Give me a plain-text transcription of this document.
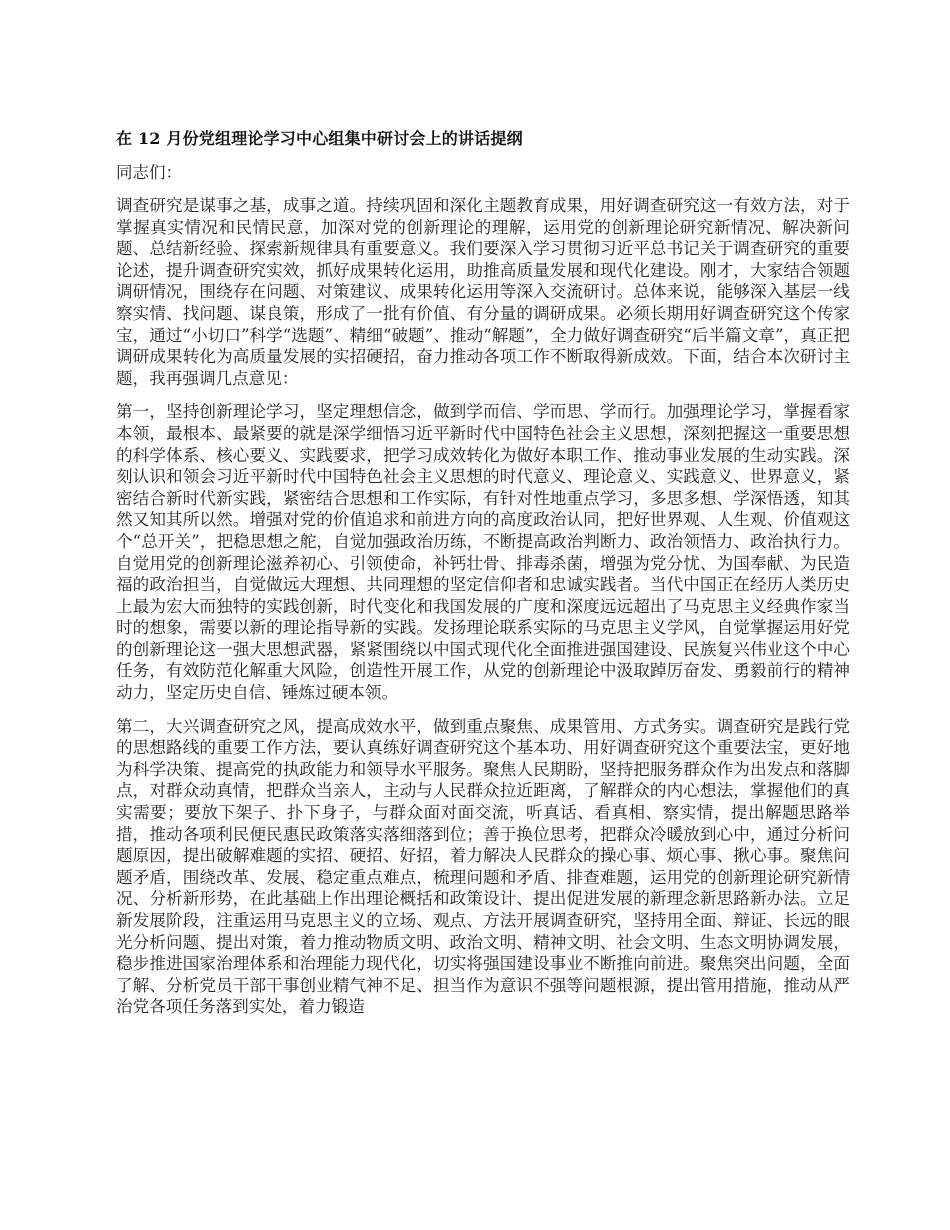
在 12 月份党组理论学习中心组集中研讨会上的讲话提纲

同志们：

调查研究是谋事之基，成事之道。持续巩固和深化主题教育成果，用好调查研究这一有效方法，对于掌握真实情况和民情民意，加深对党的创新理论的理解，运用党的创新理论研究新情况、解决新问题、总结新经验、探索新规律具有重要意义。我们要深入学习贯彻习近平总书记关于调查研究的重要论述，提升调查研究实效，抓好成果转化运用，助推高质量发展和现代化建设。刚才，大家结合领题调研情况，围绕存在问题、对策建议、成果转化运用等深入交流研讨。总体来说，能够深入基层一线察实情、找问题、谋良策，形成了一批有价值、有分量的调研成果。必须长期用好调查研究这个传家宝，通过“小切口”科学“选题”、精细“破题”、推动“解题”，全力做好调查研究“后半篇文章”，真正把调研成果转化为高质量发展的实招硬招，奋力推动各项工作不断取得新成效。下面，结合本次研讨主题，我再强调几点意见：

第一，坚持创新理论学习，坚定理想信念，做到学而信、学而思、学而行。加强理论学习，掌握看家本领，最根本、最紧要的就是深学细悟习近平新时代中国特色社会主义思想，深刻把握这一重要思想的科学体系、核心要义、实践要求，把学习成效转化为做好本职工作、推动事业发展的生动实践。深刻认识和领会习近平新时代中国特色社会主义思想的时代意义、理论意义、实践意义、世界意义，紧密结合新时代新实践，紧密结合思想和工作实际，有针对性地重点学习，多思多想、学深悟透，知其然又知其所以然。增强对党的价值追求和前进方向的高度政治认同，把好世界观、人生观、价值观这个“总开关”，把稳思想之舵，自觉加强政治历练，不断提高政治判断力、政治领悟力、政治执行力。自觉用党的创新理论滋养初心、引领使命，补钙壮骨、排毒杀菌，增强为党分忧、为国奉献、为民造福的政治担当，自觉做远大理想、共同理想的坚定信仰者和忠诚实践者。当代中国正在经历人类历史上最为宏大而独特的实践创新，时代变化和我国发展的广度和深度远远超出了马克思主义经典作家当时的想象，需要以新的理论指导新的实践。发扬理论联系实际的马克思主义学风，自觉掌握运用好党的创新理论这一强大思想武器，紧紧围绕以中国式现代化全面推进强国建设、民族复兴伟业这个中心任务，有效防范化解重大风险，创造性开展工作，从党的创新理论中汲取踔厉奋发、勇毅前行的精神动力，坚定历史自信、锤炼过硬本领。

第二，大兴调查研究之风，提高成效水平，做到重点聚焦、成果管用、方式务实。调查研究是践行党的思想路线的重要工作方法，要认真练好调查研究这个基本功、用好调查研究这个重要法宝，更好地为科学决策、提高党的执政能力和领导水平服务。聚焦人民期盼，坚持把服务群众作为出发点和落脚点，对群众动真情，把群众当亲人，主动与人民群众拉近距离，了解群众的内心想法，掌握他们的真实需要；要放下架子、扑下身子，与群众面对面交流，听真话、看真相、察实情，提出解题思路举措，推动各项利民便民惠民政策落实落细落到位；善于换位思考，把群众冷暖放到心中，通过分析问题原因，提出破解难题的实招、硬招、好招，着力解决人民群众的操心事、烦心事、揪心事。聚焦问题矛盾，围绕改革、发展、稳定重点难点，梳理问题和矛盾、排查难题，运用党的创新理论研究新情况、分析新形势，在此基础上作出理论概括和政策设计、提出促进发展的新理念新思路新办法。立足新发展阶段，注重运用马克思主义的立场、观点、方法开展调查研究，坚持用全面、辩证、长远的眼光分析问题、提出对策，着力推动物质文明、政治文明、精神文明、社会文明、生态文明协调发展，稳步推进国家治理体系和治理能力现代化，切实将强国建设事业不断推向前进。聚焦突出问题，全面了解、分析党员干部干事创业精气神不足、担当作为意识不强等问题根源，提出管用措施，推动从严治党各项任务落到实处，着力锻造
